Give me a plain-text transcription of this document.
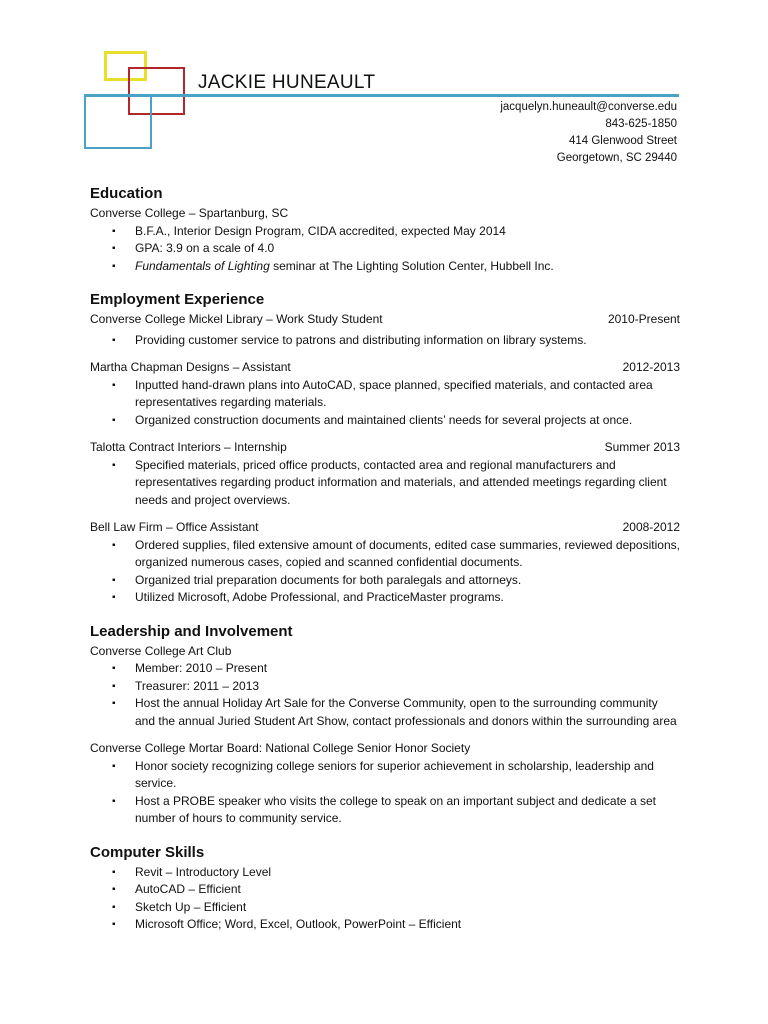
JACKIE HUNEAULT
jacquelyn.huneault@converse.edu
843-625-1850
414 Glenwood Street
Georgetown, SC 29440
Education
Converse College – Spartanburg, SC
▪ B.F.A., Interior Design Program, CIDA accredited, expected May 2014
▪ GPA: 3.9 on a scale of 4.0
▪ Fundamentals of Lighting seminar at The Lighting Solution Center, Hubbell Inc.
Employment Experience
Converse College Mickel Library – Work Study Student	2010-Present
▪ Providing customer service to patrons and distributing information on library systems.
Martha Chapman Designs – Assistant	2012-2013
▪ Inputted hand-drawn plans into AutoCAD, space planned, specified materials, and contacted area representatives regarding materials.
▪ Organized construction documents and maintained clients’ needs for several projects at once.
Talotta Contract Interiors – Internship	Summer 2013
▪ Specified materials, priced office products, contacted area and regional manufacturers and representatives regarding product information and materials, and attended meetings regarding client needs and project overviews.
Bell Law Firm – Office Assistant	2008-2012
▪ Ordered supplies, filed extensive amount of documents, edited case summaries, reviewed depositions, organized numerous cases, copied and scanned confidential documents.
▪ Organized trial preparation documents for both paralegals and attorneys.
▪ Utilized Microsoft, Adobe Professional, and PracticeMaster programs.
Leadership and Involvement
Converse College Art Club
▪ Member: 2010 – Present
▪ Treasurer: 2011 – 2013
▪ Host the annual Holiday Art Sale for the Converse Community, open to the surrounding community and the annual Juried Student Art Show, contact professionals and donors within the surrounding area
Converse College Mortar Board: National College Senior Honor Society
▪ Honor society recognizing college seniors for superior achievement in scholarship, leadership and service.
▪ Host a PROBE speaker who visits the college to speak on an important subject and dedicate a set number of hours to community service.
Computer Skills
▪ Revit – Introductory Level
▪ AutoCAD – Efficient
▪ Sketch Up – Efficient
▪ Microsoft Office; Word, Excel, Outlook, PowerPoint – Efficient
